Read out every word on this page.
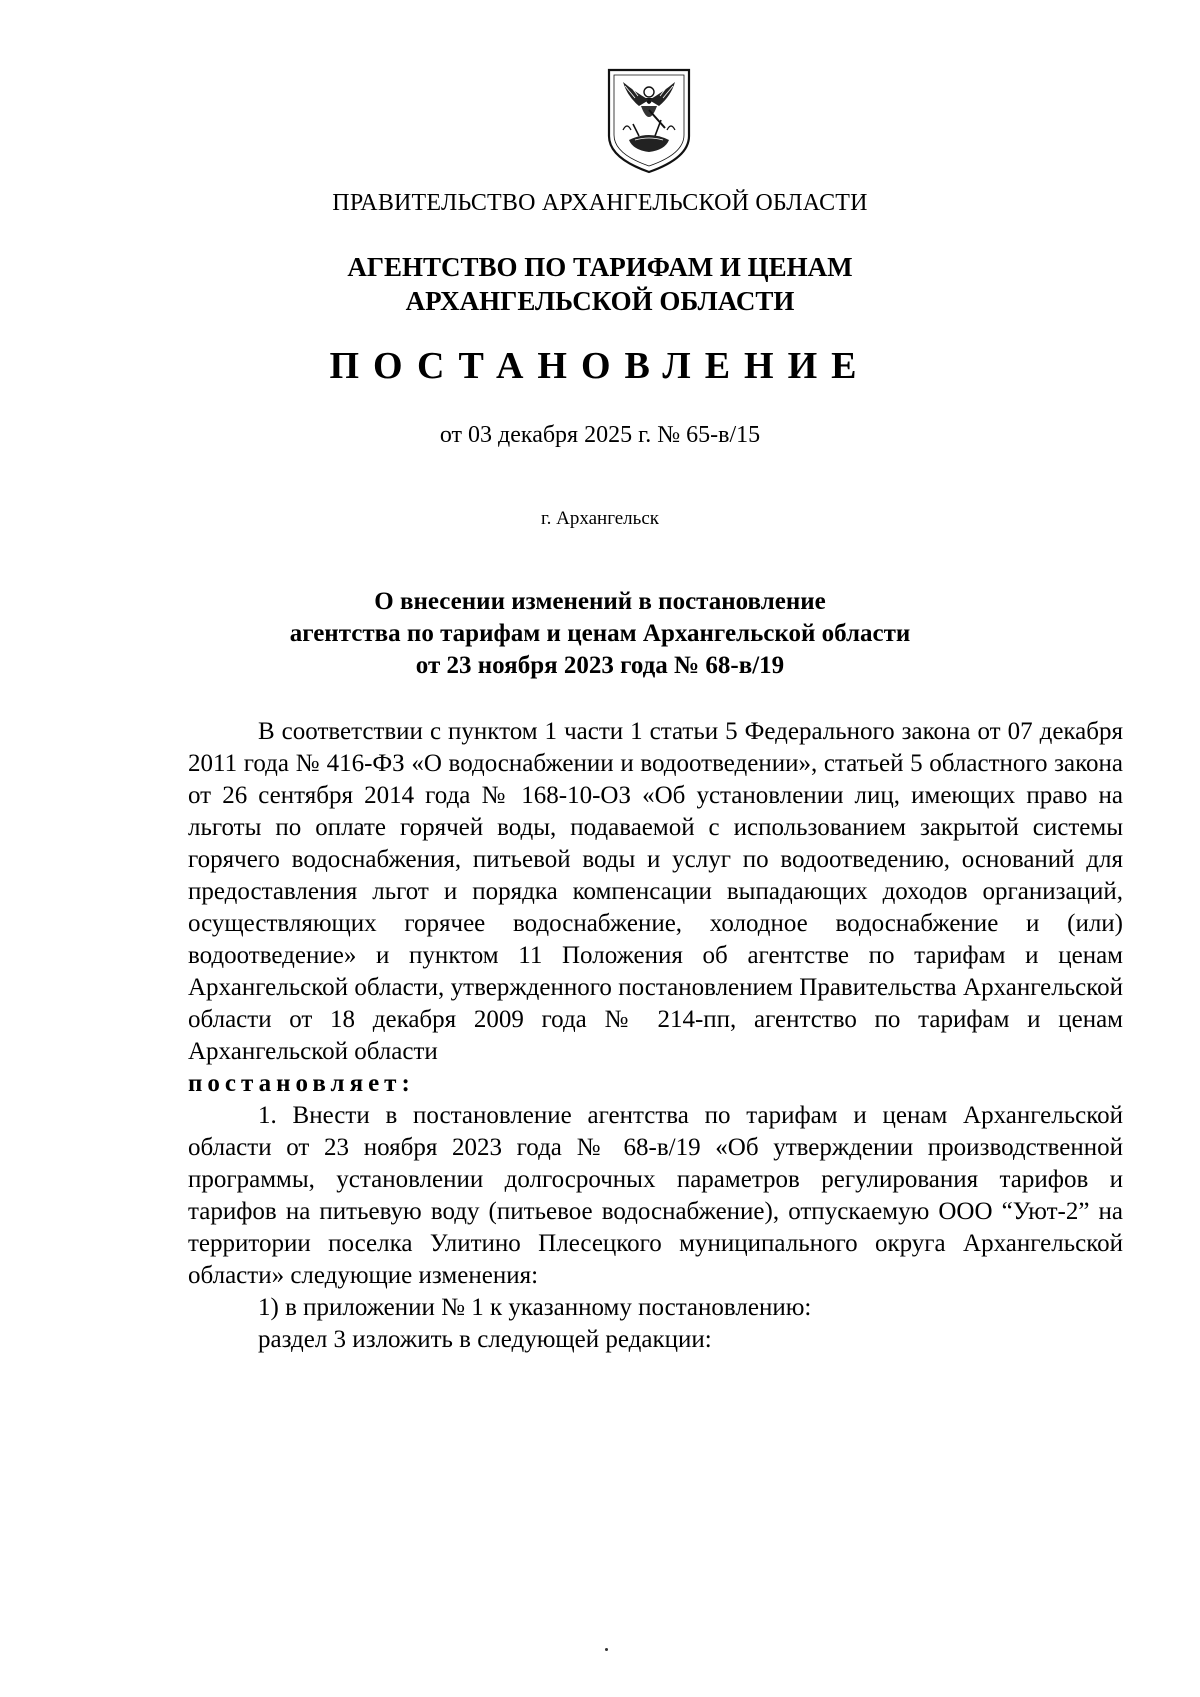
ПРАВИТЕЛЬСТВО АРХАНГЕЛЬСКОЙ ОБЛАСТИ
АГЕНТСТВО ПО ТАРИФАМ И ЦЕНАМ
АРХАНГЕЛЬСКОЙ ОБЛАСТИ
ПОСТАНОВЛЕНИЕ
от 03 декабря 2025 г. № 65-в/15
г. Архангельск
О внесении изменений в постановление
агентства по тарифам и ценам Архангельской области
от 23 ноября 2023 года № 68-в/19

В соответствии с пунктом 1 части 1 статьи 5 Федерального закона от 07 декабря 2011 года № 416-ФЗ «О водоснабжении и водоотведении», статьей 5 областного закона от 26 сентября 2014 года № 168-10-ОЗ «Об установлении лиц, имеющих право на льготы по оплате горячей воды, подаваемой с использованием закрытой системы горячего водоснабжения, питьевой воды и услуг по водоотведению, оснований для предоставления льгот и порядка компенсации выпадающих доходов организаций, осуществляющих горячее водоснабжение, холодное водоснабжение и (или) водоотведение» и пунктом 11 Положения об агентстве по тарифам и ценам Архангельской области, утвержденного постановлением Правительства Архангельской области от 18 декабря 2009 года № 214-пп, агентство по тарифам и ценам Архангельской области

постановляет:

1. Внести в постановление агентства по тарифам и ценам Архангельской области от 23 ноября 2023 года № 68-в/19 «Об утверждении производственной программы, установлении долгосрочных параметров регулирования тарифов и тарифов на питьевую воду (питьевое водоснабжение), отпускаемую ООО “Уют-2” на территории поселка Улитино Плесецкого муниципального округа Архангельской области» следующие изменения:

1) в приложении № 1 к указанному постановлению:

раздел 3 изложить в следующей редакции:
